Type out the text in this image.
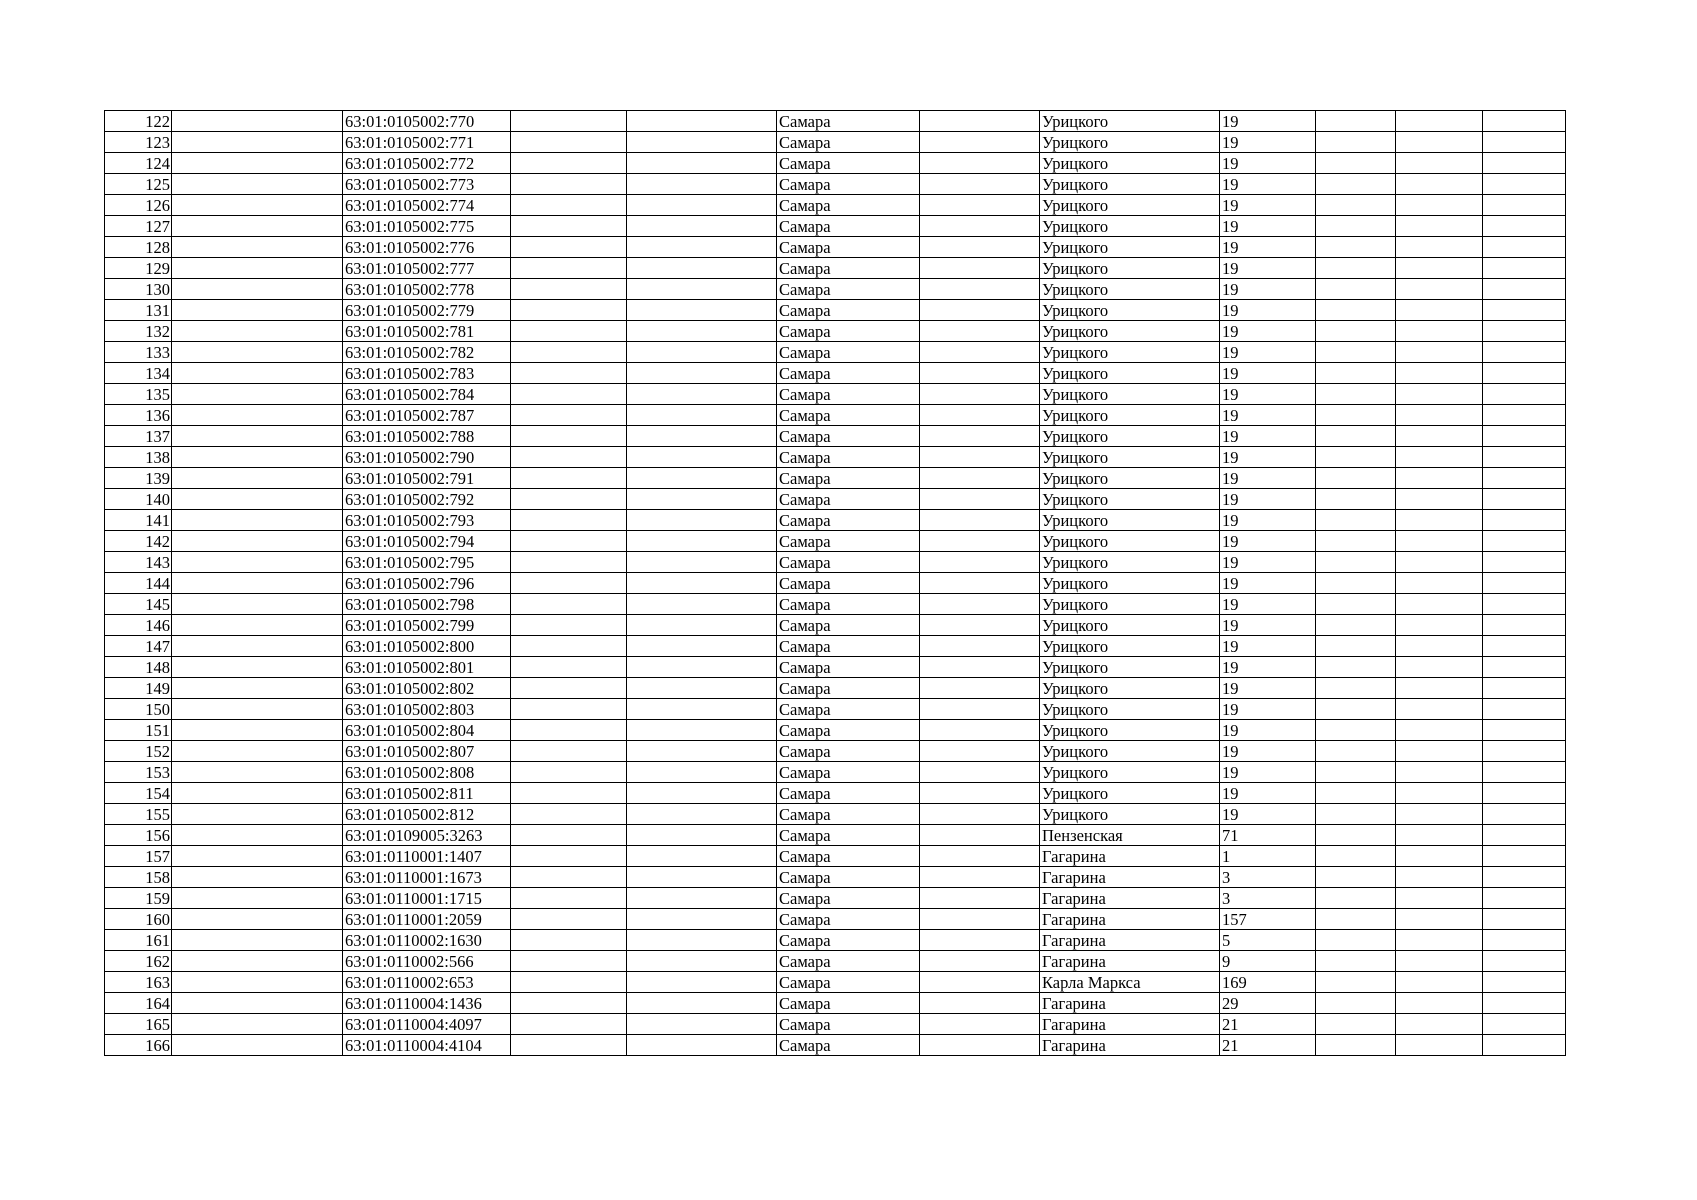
122		63:01:0105002:770			Самара		Урицкого	19			
123		63:01:0105002:771			Самара		Урицкого	19			
124		63:01:0105002:772			Самара		Урицкого	19			
125		63:01:0105002:773			Самара		Урицкого	19			
126		63:01:0105002:774			Самара		Урицкого	19			
127		63:01:0105002:775			Самара		Урицкого	19			
128		63:01:0105002:776			Самара		Урицкого	19			
129		63:01:0105002:777			Самара		Урицкого	19			
130		63:01:0105002:778			Самара		Урицкого	19			
131		63:01:0105002:779			Самара		Урицкого	19			
132		63:01:0105002:781			Самара		Урицкого	19			
133		63:01:0105002:782			Самара		Урицкого	19			
134		63:01:0105002:783			Самара		Урицкого	19			
135		63:01:0105002:784			Самара		Урицкого	19			
136		63:01:0105002:787			Самара		Урицкого	19			
137		63:01:0105002:788			Самара		Урицкого	19			
138		63:01:0105002:790			Самара		Урицкого	19			
139		63:01:0105002:791			Самара		Урицкого	19			
140		63:01:0105002:792			Самара		Урицкого	19			
141		63:01:0105002:793			Самара		Урицкого	19			
142		63:01:0105002:794			Самара		Урицкого	19			
143		63:01:0105002:795			Самара		Урицкого	19			
144		63:01:0105002:796			Самара		Урицкого	19			
145		63:01:0105002:798			Самара		Урицкого	19			
146		63:01:0105002:799			Самара		Урицкого	19			
147		63:01:0105002:800			Самара		Урицкого	19			
148		63:01:0105002:801			Самара		Урицкого	19			
149		63:01:0105002:802			Самара		Урицкого	19			
150		63:01:0105002:803			Самара		Урицкого	19			
151		63:01:0105002:804			Самара		Урицкого	19			
152		63:01:0105002:807			Самара		Урицкого	19			
153		63:01:0105002:808			Самара		Урицкого	19			
154		63:01:0105002:811			Самара		Урицкого	19			
155		63:01:0105002:812			Самара		Урицкого	19			
156		63:01:0109005:3263			Самара		Пензенская	71			
157		63:01:0110001:1407			Самара		Гагарина	1			
158		63:01:0110001:1673			Самара		Гагарина	3			
159		63:01:0110001:1715			Самара		Гагарина	3			
160		63:01:0110001:2059			Самара		Гагарина	157			
161		63:01:0110002:1630			Самара		Гагарина	5			
162		63:01:0110002:566			Самара		Гагарина	9			
163		63:01:0110002:653			Самара		Карла Маркса	169			
164		63:01:0110004:1436			Самара		Гагарина	29			
165		63:01:0110004:4097			Самара		Гагарина	21			
166		63:01:0110004:4104			Самара		Гагарина	21			
